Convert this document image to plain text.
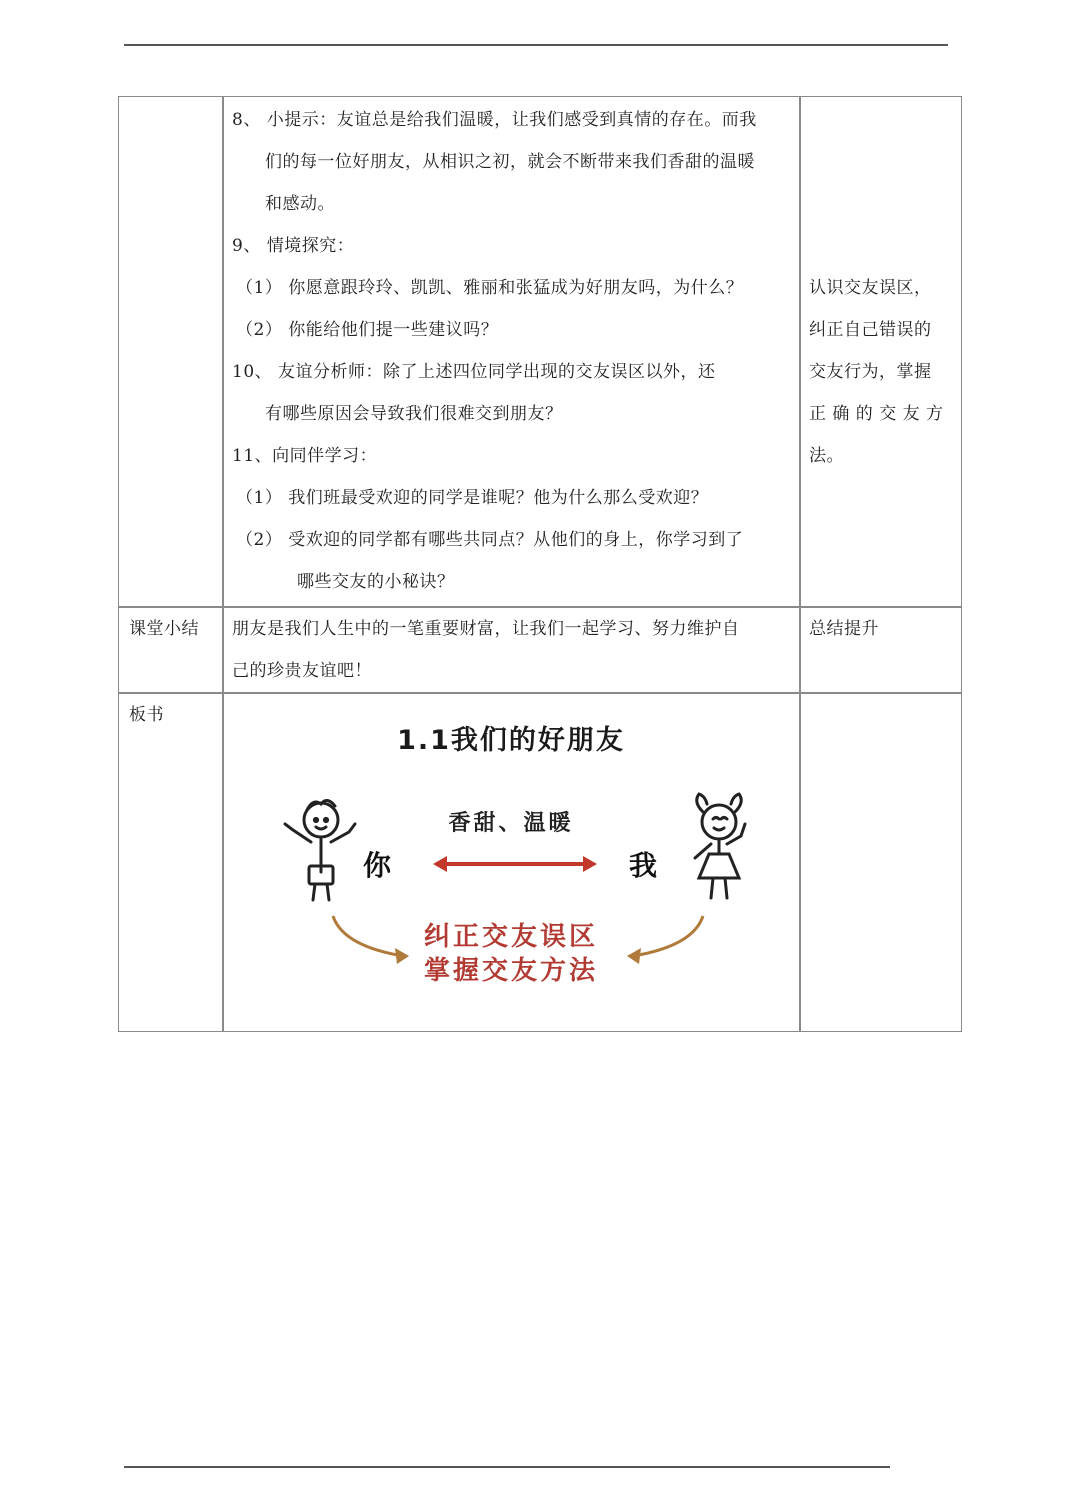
8、 小提示：友谊总是给我们温暖，让我们感受到真情的存在。而我
们的每一位好朋友，从相识之初，就会不断带来我们香甜的温暖
和感动。
9、 情境探究：
（1） 你愿意跟玲玲、凯凯、雅丽和张猛成为好朋友吗，为什么？
（2） 你能给他们提一些建议吗？
10、 友谊分析师：除了上述四位同学出现的交友误区以外，还
有哪些原因会导致我们很难交到朋友？
11、向同伴学习：
（1） 我们班最受欢迎的同学是谁呢？他为什么那么受欢迎？
（2） 受欢迎的同学都有哪些共同点？从他们的身上，你学习到了
哪些交友的小秘诀？
认识交友误区，
纠正自己错误的
交友行为，掌握
正 确 的 交 友 方
法。
课堂小结 朋友是我们人生中的一笔重要财富，让我们一起学习、努力维护自
己的珍贵友谊吧！
总结提升
板书
1.1我们的好朋友
香甜、温暖
你	我
纠正交友误区
掌握交友方法
